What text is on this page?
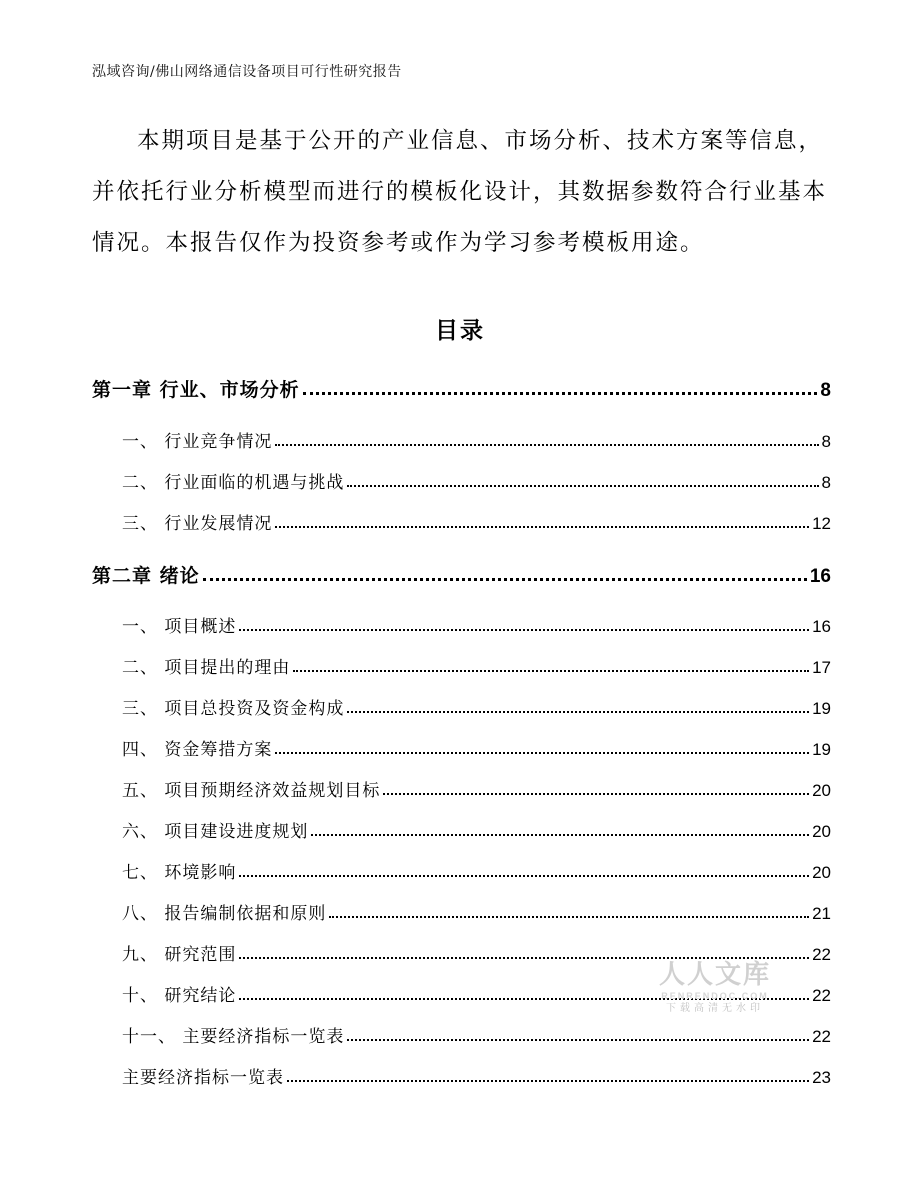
泓域咨询/佛山网络通信设备项目可行性研究报告
本期项目是基于公开的产业信息、市场分析、技术方案等信息，并依托行业分析模型而进行的模板化设计，其数据参数符合行业基本情况。本报告仅作为投资参考或作为学习参考模板用途。
目录
第一章 行业、市场分析	8
一、 行业竞争情况	8
二、 行业面临的机遇与挑战	8
三、 行业发展情况	12
第二章 绪论	16
一、 项目概述	16
二、 项目提出的理由	17
三、 项目总投资及资金构成	19
四、 资金筹措方案	19
五、 项目预期经济效益规划目标	20
六、 项目建设进度规划	20
七、 环境影响	20
八、 报告编制依据和原则	21
九、 研究范围	22
十、 研究结论	22
十一、 主要经济指标一览表	22
主要经济指标一览表	23
人人文库
RENRENDOC.COM
下载高清无水印
